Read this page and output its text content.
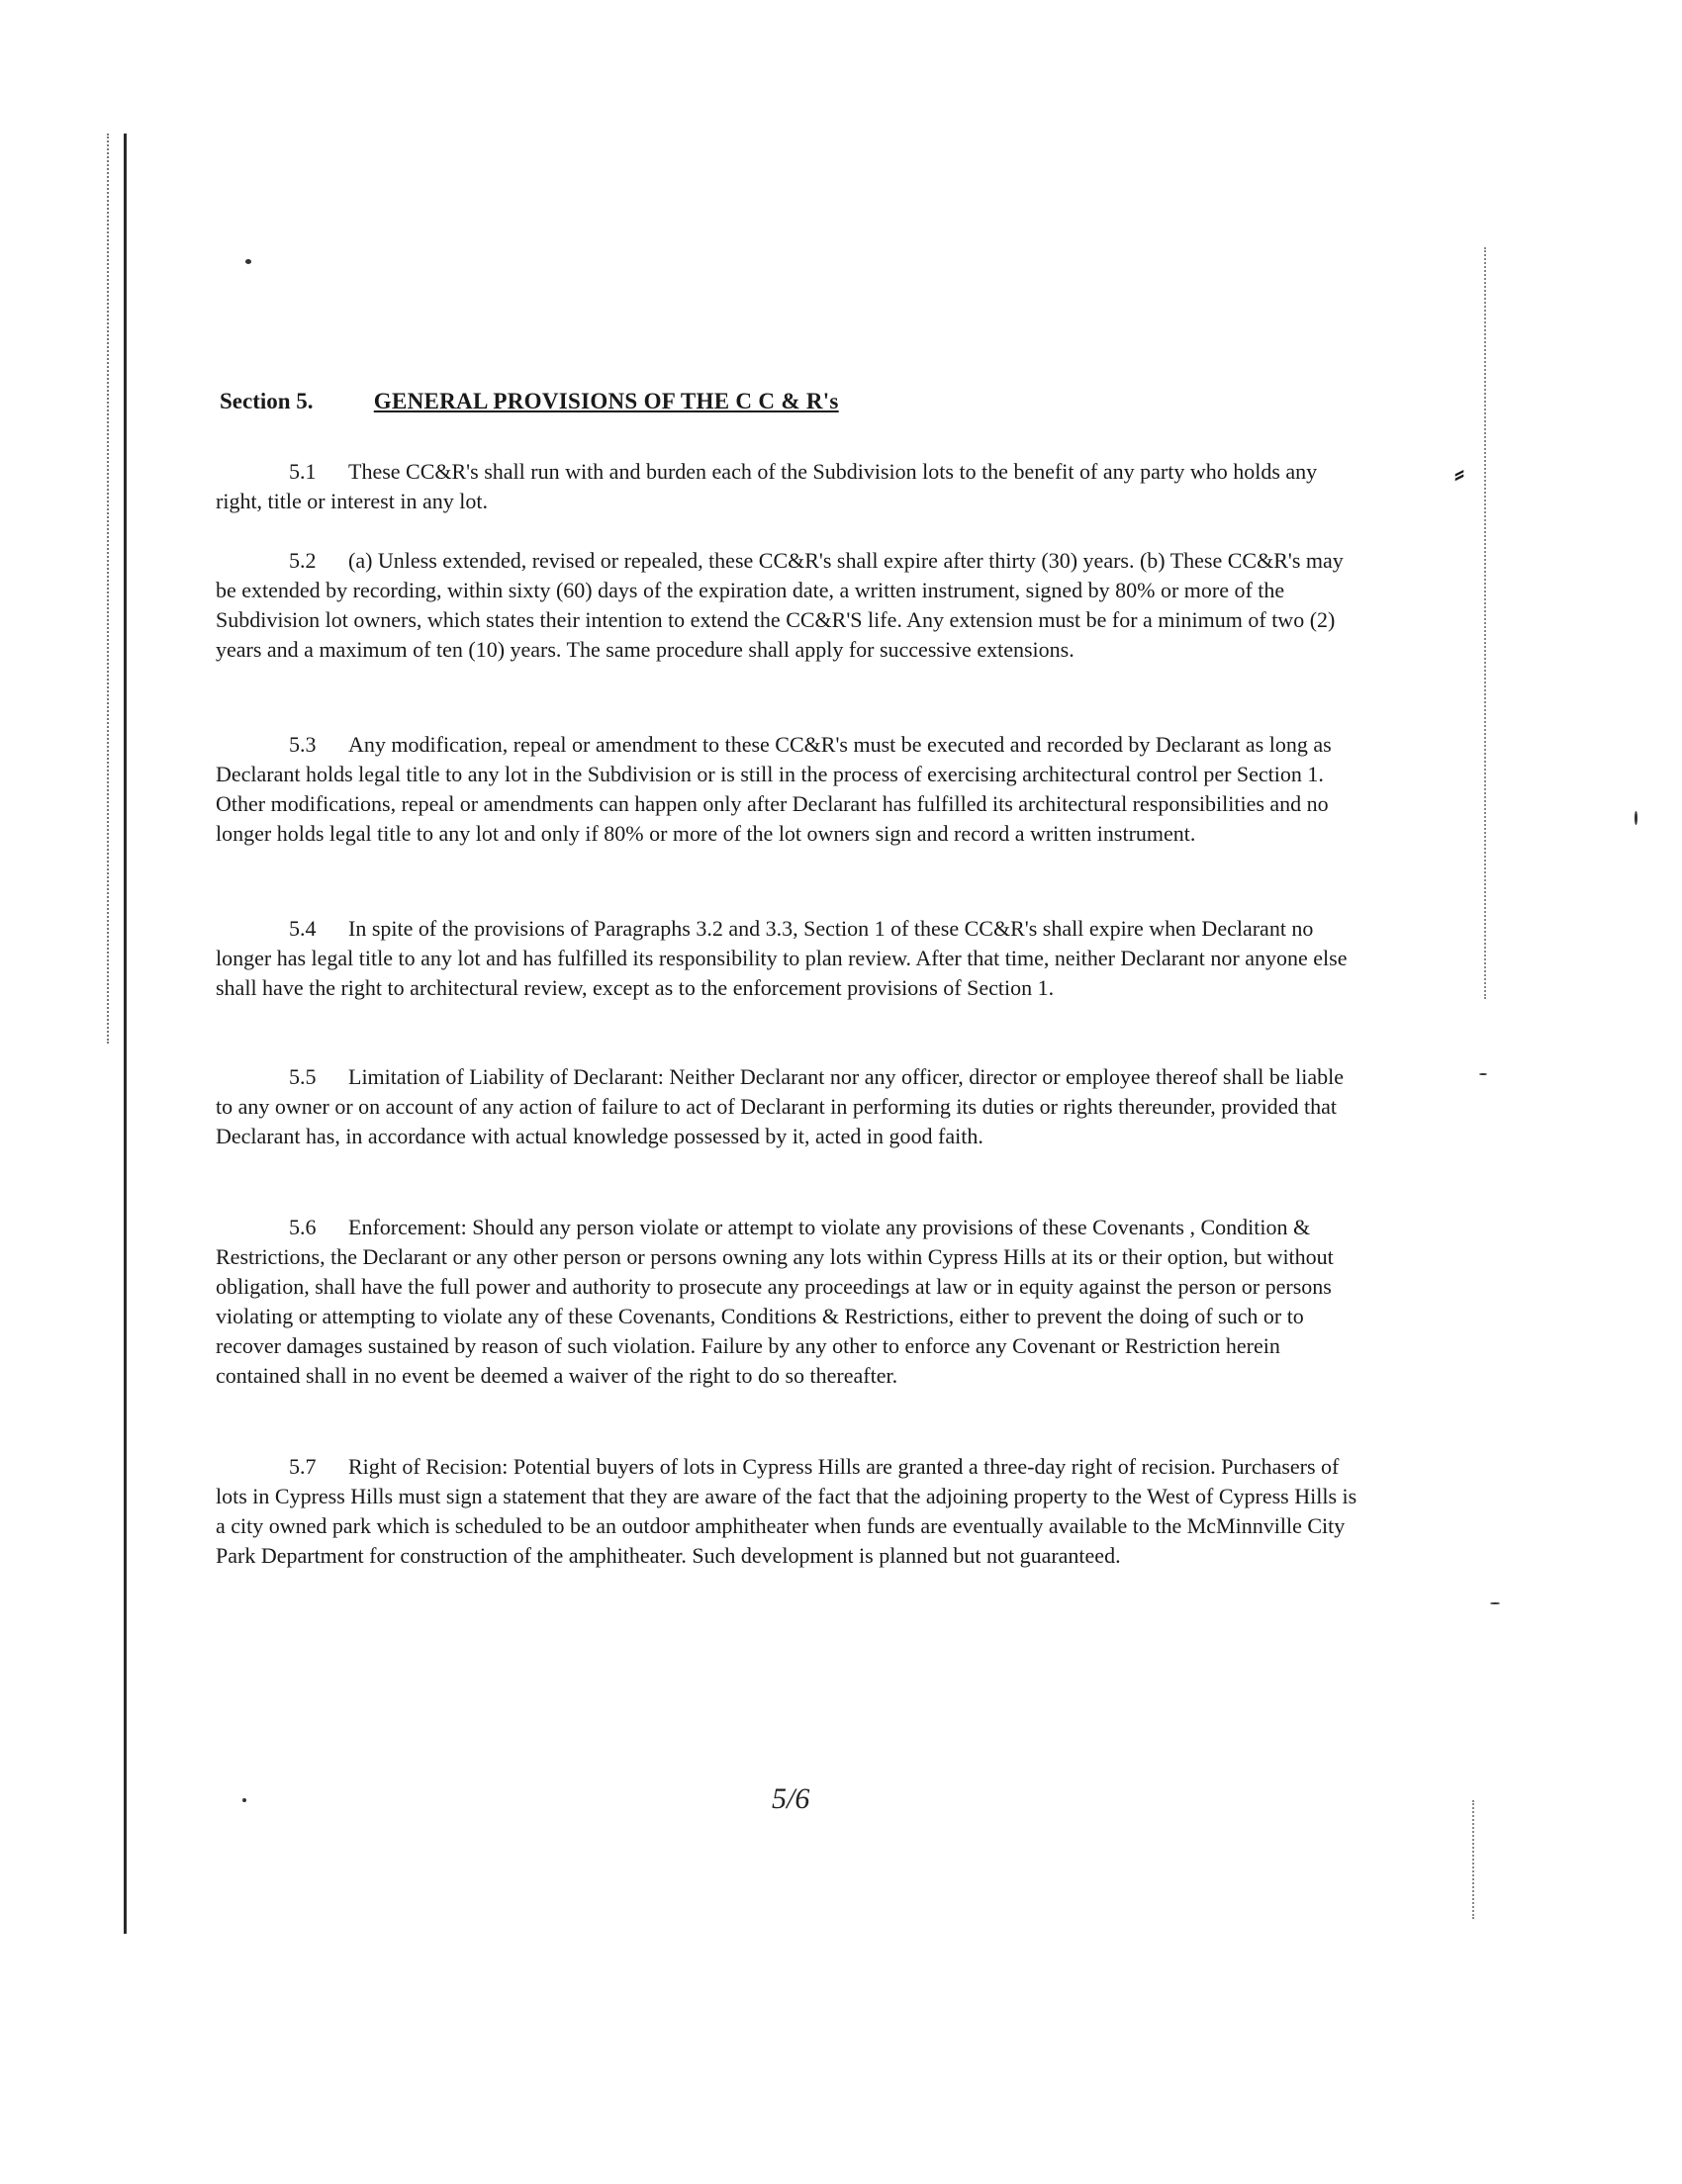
⸗
Section 5.	GENERAL PROVISIONS OF THE C C & R's
5.1 These CC&R's shall run with and burden each of the Subdivision lots to the benefit of any party who holds any right, title or interest in any lot.
5.2 (a) Unless extended, revised or repealed, these CC&R's shall expire after thirty (30) years. (b) These CC&R's may be extended by recording, within sixty (60) days of the expiration date, a written instrument, signed by 80% or more of the Subdivision lot owners, which states their intention to extend the CC&R'S life. Any extension must be for a minimum of two (2) years and a maximum of ten (10) years. The same procedure shall apply for successive extensions.
5.3 Any modification, repeal or amendment to these CC&R's must be executed and recorded by Declarant as long as Declarant holds legal title to any lot in the Subdivision or is still in the process of exercising architectural control per Section 1. Other modifications, repeal or amendments can happen only after Declarant has fulfilled its architectural responsibilities and no longer holds legal title to any lot and only if 80% or more of the lot owners sign and record a written instrument.
5.4 In spite of the provisions of Paragraphs 3.2 and 3.3, Section 1 of these CC&R's shall expire when Declarant no longer has legal title to any lot and has fulfilled its responsibility to plan review. After that time, neither Declarant nor anyone else shall have the right to architectural review, except as to the enforcement provisions of Section 1.
5.5 Limitation of Liability of Declarant: Neither Declarant nor any officer, director or employee thereof shall be liable to any owner or on account of any action of failure to act of Declarant in performing its duties or rights thereunder, provided that Declarant has, in accordance with actual knowledge possessed by it, acted in good faith.
5.6 Enforcement: Should any person violate or attempt to violate any provisions of these Covenants , Condition & Restrictions, the Declarant or any other person or persons owning any lots within Cypress Hills at its or their option, but without obligation, shall have the full power and authority to prosecute any proceedings at law or in equity against the person or persons violating or attempting to violate any of these Covenants, Conditions & Restrictions, either to prevent the doing of such or to recover damages sustained by reason of such violation. Failure by any other to enforce any Covenant or Restriction herein contained shall in no event be deemed a waiver of the right to do so thereafter.
5.7 Right of Recision: Potential buyers of lots in Cypress Hills are granted a three-day right of recision. Purchasers of lots in Cypress Hills must sign a statement that they are aware of the fact that the adjoining property to the West of Cypress Hills is a city owned park which is scheduled to be an outdoor amphitheater when funds are eventually available to the McMinnville City Park Department for construction of the amphitheater. Such development is planned but not guaranteed.
5/6
